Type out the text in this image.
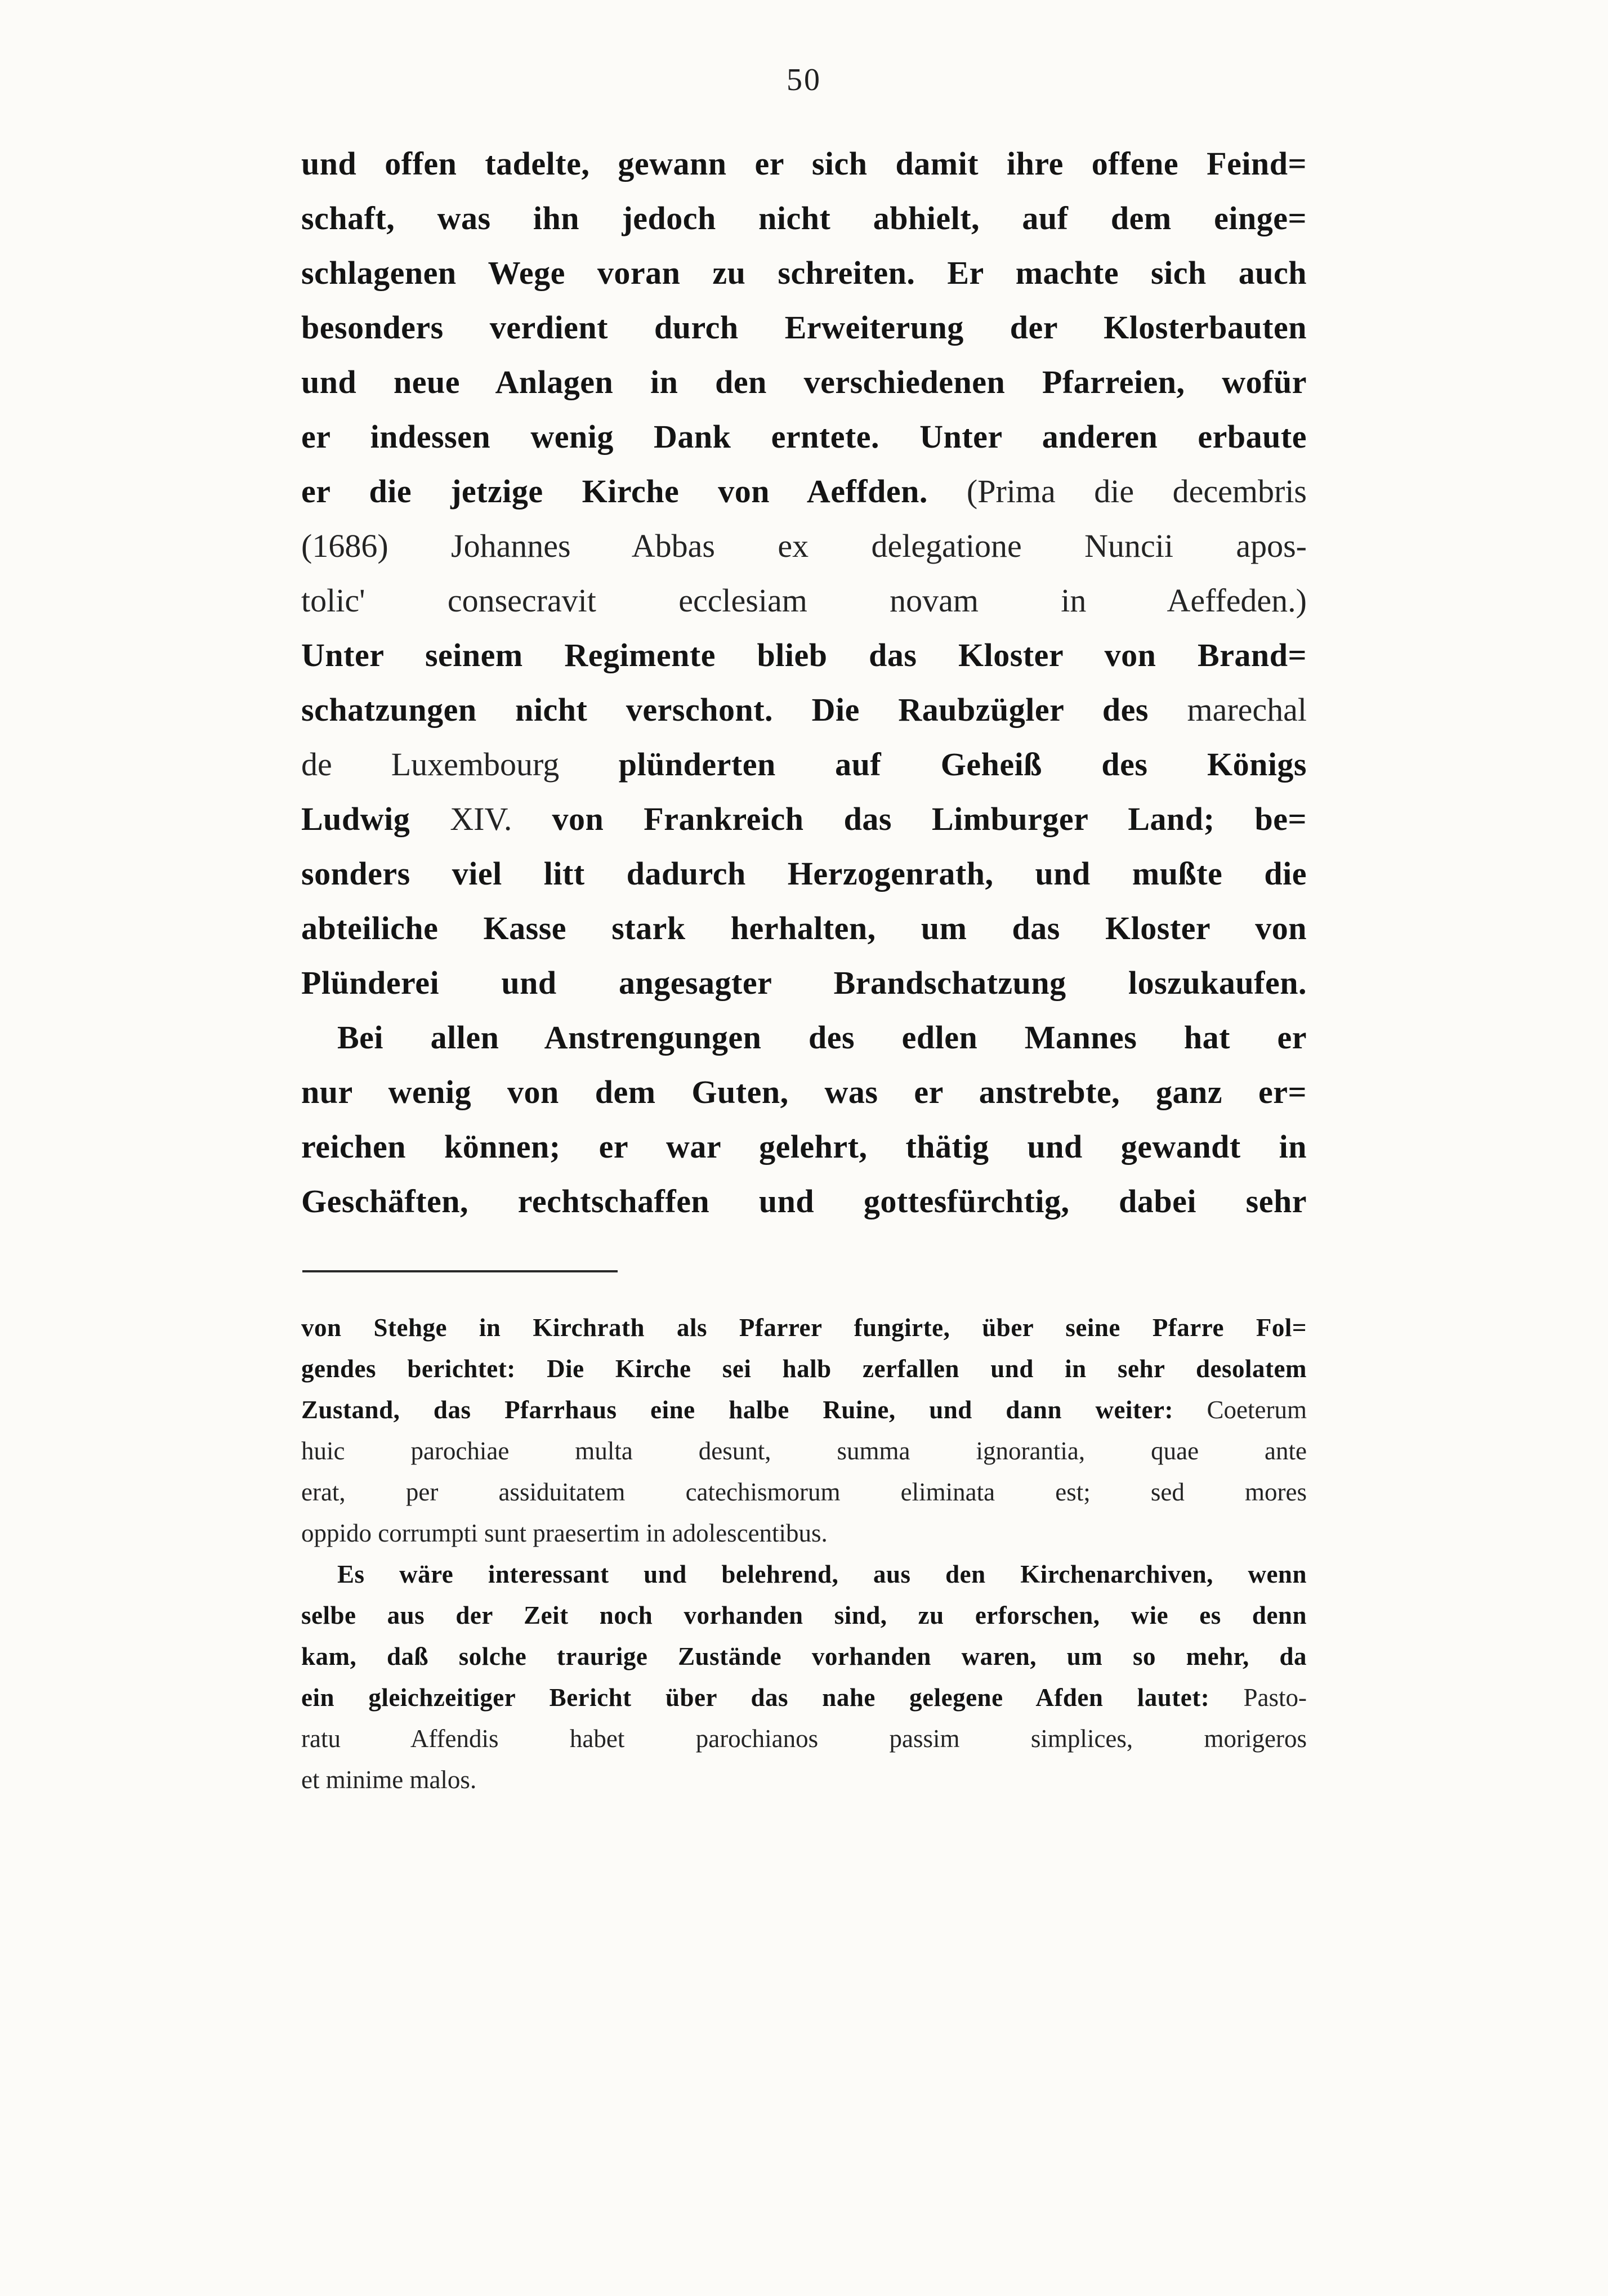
50
und offen tadelte, gewann er sich damit ihre offene Feind=
schaft, was ihn jedoch nicht abhielt, auf dem einge=
schlagenen Wege voran zu schreiten. Er machte sich auch
besonders verdient durch Erweiterung der Klosterbauten
und neue Anlagen in den verschiedenen Pfarreien, wofür
er indessen wenig Dank erntete. Unter anderen erbaute
er die jetzige Kirche von Aeffden. (Prima die decembris
(1686) Johannes Abbas ex delegatione Nuncii apos-
tolic' consecravit ecclesiam novam in Aeffeden.)
Unter seinem Regimente blieb das Kloster von Brand=
schatzungen nicht verschont. Die Raubzügler des marechal
de Luxembourg plünderten auf Geheiß des Königs
Ludwig XIV. von Frankreich das Limburger Land; be=
sonders viel litt dadurch Herzogenrath, und mußte die
abteiliche Kasse stark herhalten, um das Kloster von
Plünderei und angesagter Brandschatzung loszukaufen.
Bei allen Anstrengungen des edlen Mannes hat er
nur wenig von dem Guten, was er anstrebte, ganz er=
reichen können; er war gelehrt, thätig und gewandt in
Geschäften, rechtschaffen und gottesfürchtig, dabei sehr
von Stehge in Kirchrath als Pfarrer fungirte, über seine Pfarre Fol=
gendes berichtet: Die Kirche sei halb zerfallen und in sehr desolatem
Zustand, das Pfarrhaus eine halbe Ruine, und dann weiter: Coeterum
huic parochiae multa desunt, summa ignorantia, quae ante
erat, per assiduitatem catechismorum eliminata est; sed mores
oppido corrumpti sunt praesertim in adolescentibus.
Es wäre interessant und belehrend, aus den Kirchenarchiven, wenn
selbe aus der Zeit noch vorhanden sind, zu erforschen, wie es denn
kam, daß solche traurige Zustände vorhanden waren, um so mehr, da
ein gleichzeitiger Bericht über das nahe gelegene Afden lautet: Pasto-
ratu Affendis habet parochianos passim simplices, morigeros
et minime malos.
